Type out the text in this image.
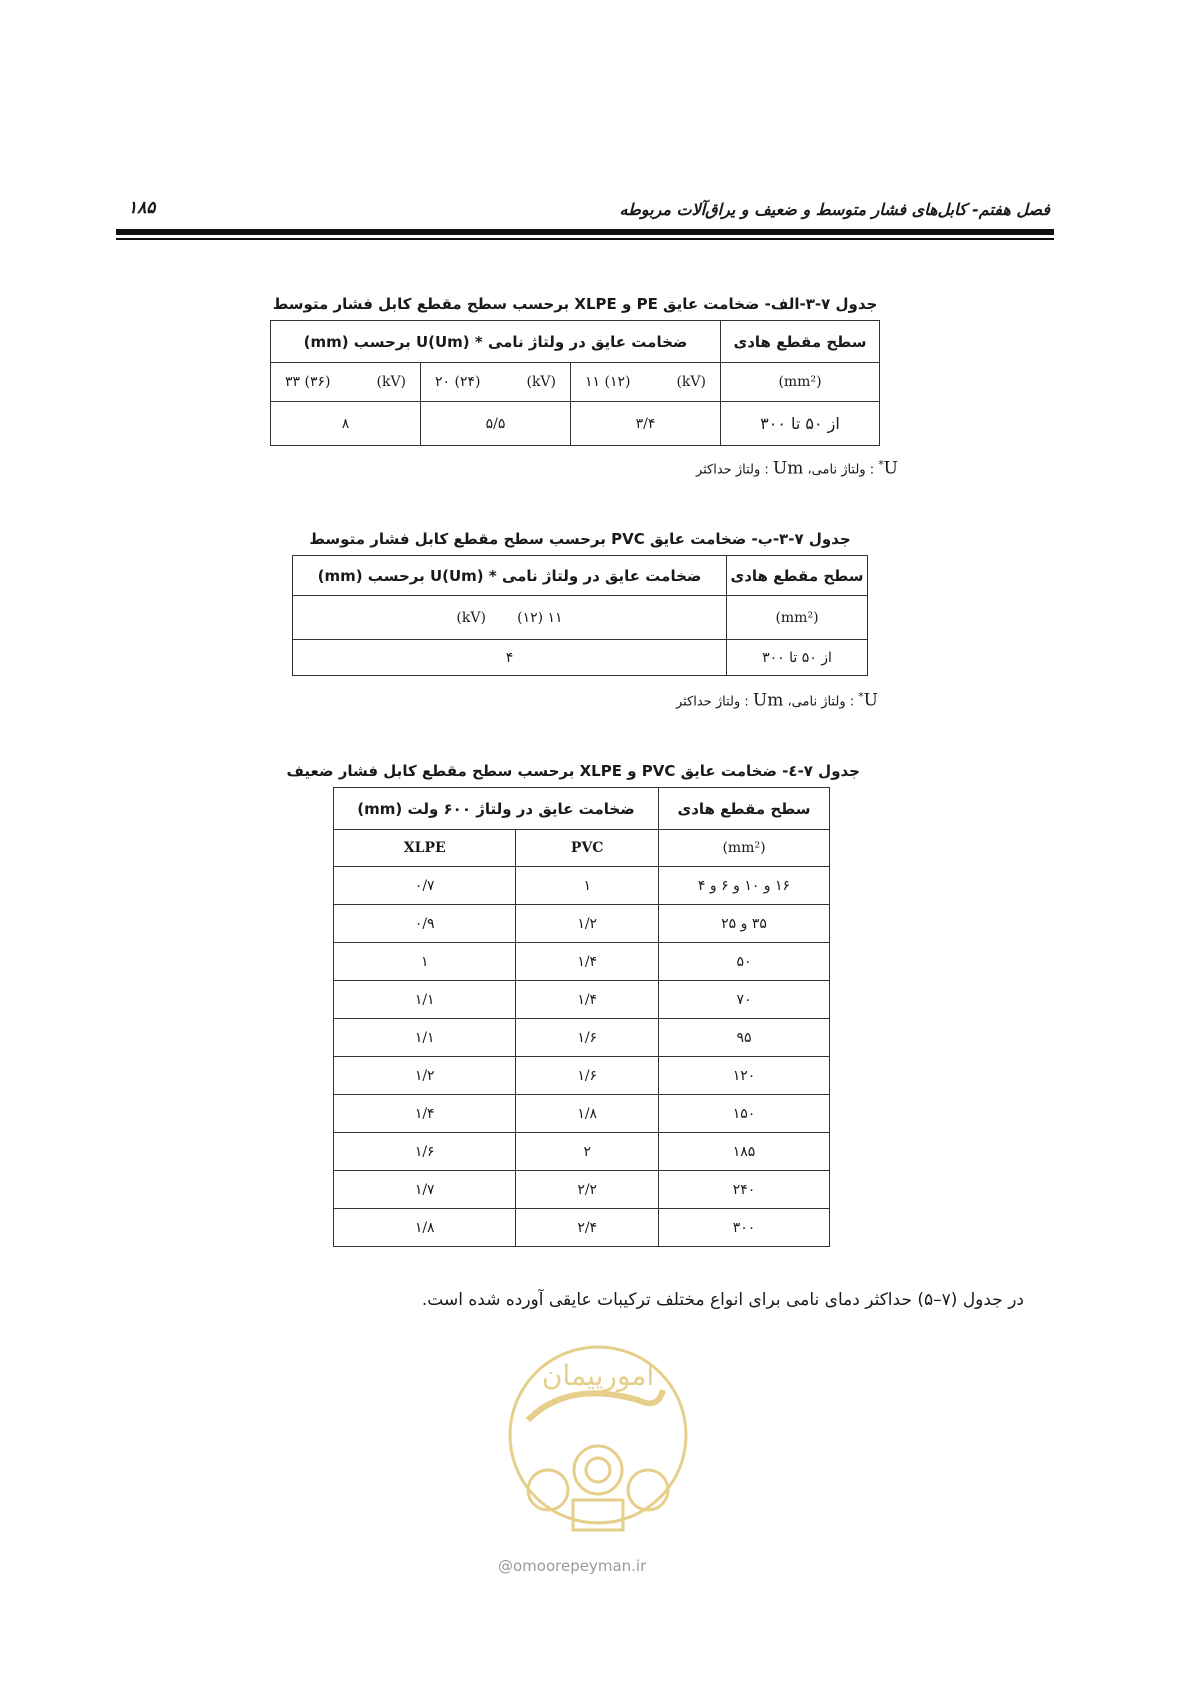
فصل هفتم- کابل‌های فشار متوسط و ضعیف و یراق‌آلات مربوطه
۱۸۵
جدول ۷-۳-الف- ضخامت عایق PE و XLPE برحسب سطح مقطع کابل فشار متوسط
سطح مقطع هادی	ضخامت عایق در ولتاژ نامی * U(Um) برحسب (mm)		
(mm²)	۱۱ (۱۲) (kV)	۲۰ (۲۴) (kV)	۳۳ (۳۶) (kV)

از ۵۰ تا ۳۰۰	۳/۴	۵/۵	۸
U* : ولتاژ نامی، Um : ولتاژ حداکثر
جدول ۷-۳-ب- ضخامت عایق PVC برحسب سطح مقطع کابل فشار متوسط
سطح مقطع هادی	ضخامت عایق در ولتاژ نامی * U(Um) برحسب (mm)
(mm²)	۱۱ (۱۲)       (kV)
از ۵۰ تا ۳۰۰	۴
U* : ولتاژ نامی، Um : ولتاژ حداکثر
جدول ۷-٤- ضخامت عایق PVC و XLPE برحسب سطح مقطع کابل فشار ضعیف
سطح مقطع هادی	ضخامت عایق در ولتاژ ۶۰۰ ولت (mm)	
(mm²)	PVC	XLPE
۱۶ و ۱۰ و ۶ و ۴	۱	۰/۷
۳۵ و ۲۵	۱/۲	۰/۹
۵۰	۱/۴	۱
۷۰	۱/۴	۱/۱
۹۵	۱/۶	۱/۱
۱۲۰	۱/۶	۱/۲
۱۵۰	۱/۸	۱/۴
۱۸۵	۲	۱/۶
۲۴۰	۲/۲	۱/۷
۳۰۰	۲/۴	۱/۸
در جدول (۷–۵) حداکثر دمای نامی برای انواع مختلف ترکیبات عایقی آورده شده است.
امورپیمان
@omoorepeyman.ir
